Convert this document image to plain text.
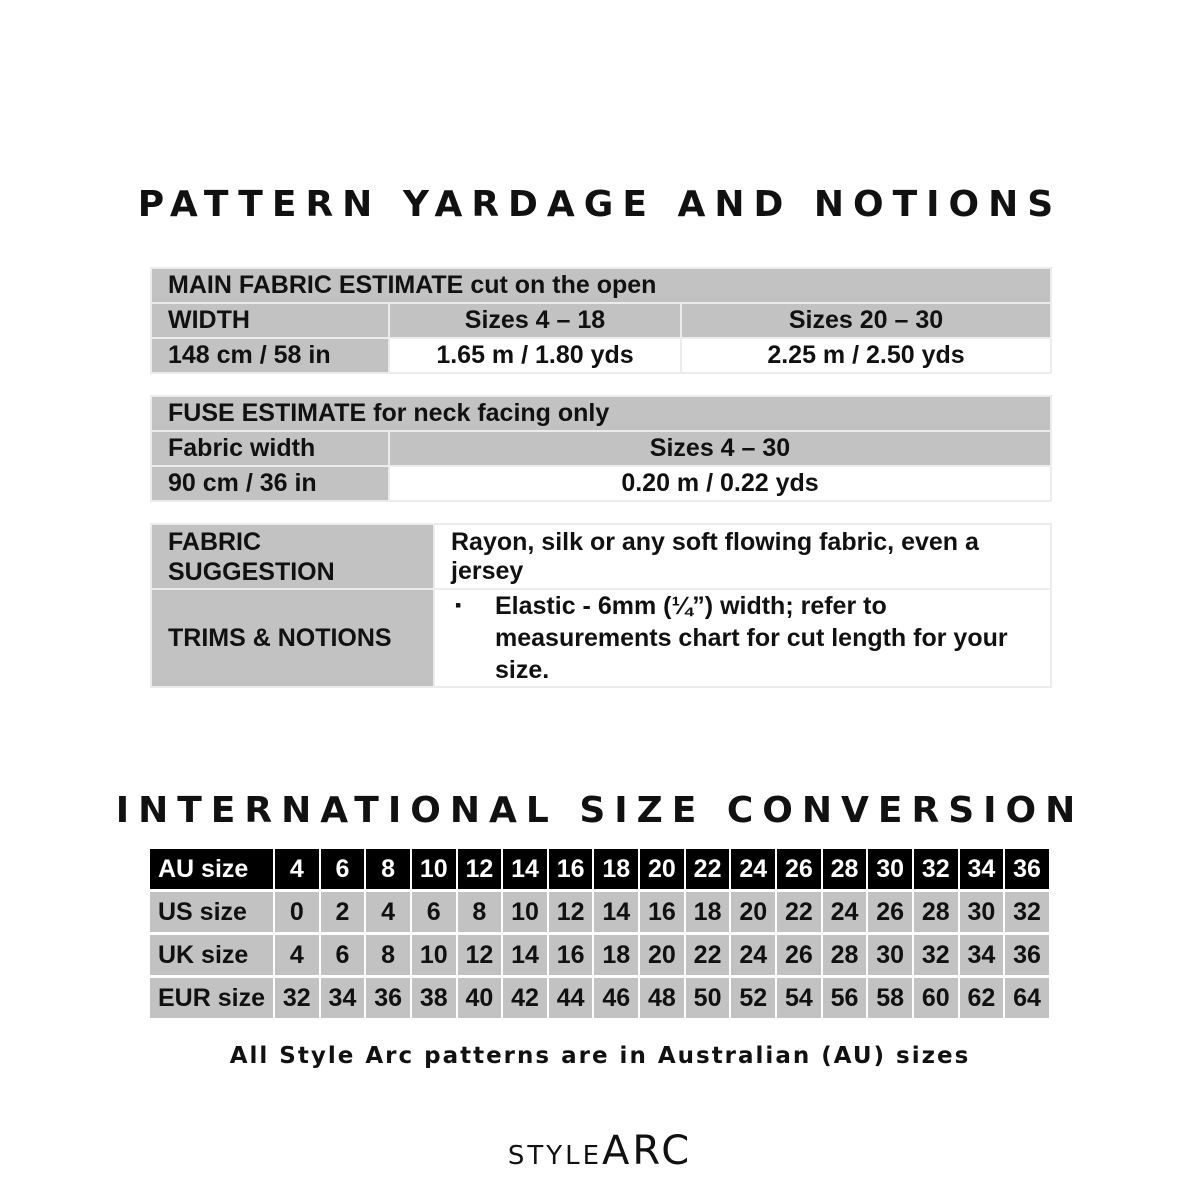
PATTERN YARDAGE AND NOTIONS
MAIN FABRIC ESTIMATE cut on the open		
WIDTH	Sizes 4 – 18	Sizes 20 – 30
148 cm / 58 in	1.65 m / 1.80 yds	2.25 m / 2.50 yds
FUSE ESTIMATE for neck facing only	
Fabric width	Sizes 4 – 30
90 cm / 36 in	0.20 m / 0.22 yds
FABRIC
SUGGESTION	Rayon, silk or any soft flowing fabric, even a jersey
TRIMS & NOTIONS	▪ Elastic - 6mm (¼”) width; refer to measurements chart for cut length for your size.
INTERNATIONAL SIZE CONVERSION
AU size	4	6	8	10	12	14	16	18	20	22	24	26	28	30	32	34	36
US size	0	2	4	6	8	10	12	14	16	18	20	22	24	26	28	30	32
UK size	4	6	8	10	12	14	16	18	20	22	24	26	28	30	32	34	36
EUR size	32	34	36	38	40	42	44	46	48	50	52	54	56	58	60	62	64
All Style Arc patterns are in Australian (AU) sizes
STYLEARC
